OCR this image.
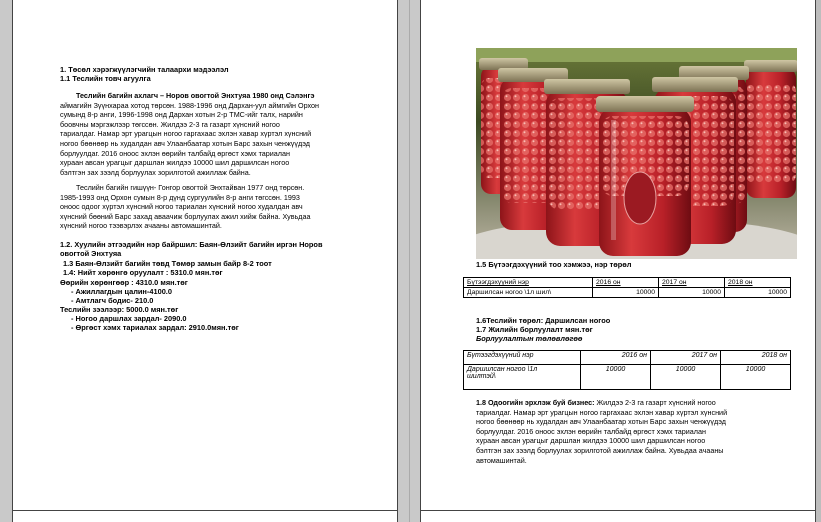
1. Төсөл хэрэгжүүлэгчийн талаархи мэдээлэл
1.1 Теслийн товч агуулга
Теслийн багийн ахлагч – Норов овогтой Энхтуяа 1980 онд Сэлэнгэ
аймагийн Зүүнхараа хотод төрсөн. 1988-1996 онд Дархан-уул аймгийн Орхон
сумынд 8-р анги, 1996-1998 онд Дархан хотын 2-р ТМС-ийг талх, нарийн
боовчны мэргэжлээр төгссөн. Жилдээ 2-3 га газарт хүнсний ногоо
тариалдаг. Намар эрт урагцын ногоо гаргахаас эхлэн хавар хүртэл хүнсний
ногоо бөөнөөр нь худалдан авч Улаанбаатар хотын Барс захын ченжүүдэд
борлуулдаг. 2016 оноос эхлэн өөрийн талбайд өргөст хэмх тариалан
хураан авсан урагцыг даршлан жилдээ 10000 шил даршилсан ногоо
бэлтгэн зах зээлд борлуулах зорилготой ажиллаж байна.
Теслийн багийн гишүүн- Гонгор овогтой Энхтайван 1977 онд төрсөн.
1985-1993 онд Орхон сумын 8-р дүнд сургуулийн 8-р анги төгссөн. 1993
оноос одоог хүртэл хүнсний ногоо тариалан хүнсний ногоо худалдан авч
хүнсний бөөний Барс захад аваачиж борлуулах ажил хийж байна. Хувьдаа
хүнсний ногоо тээвэрлэх ачааны автомашинтай.
1.2. Хуулийн этгээдийн нэр байршил: Баян-Өлзийт багийн иргэн Норов
овогтой Энхтуяа
1.3 Баян-Өлзийт багийн төвд Төмөр замын байр 8-2 тоот
1.4: Нийт хөрөнгө оруулалт : 5310.0 мян.төг
Өөрийн хөрөнгөөр : 4310.0 мян.төг
- Ажиллагдын цалин-4100.0
- Амтлагч бодис- 210.0
Теслийн зээлээр: 5000.0 мян.төг
- Ногоо даршлах зардал- 2090.0
- Өргөст хэмх тариалах зардал: 2910.0мян.төг
1.5 Бүтээгдэхүүний тоо хэмжээ, нэр төрөл
Бүтээгдэхүүний нэр	2016 он	2017 он	2018 он
Даршилсан ногоо \1л шил\	10000	10000	10000
1.6Теслийн төрөл: Даршилсан ногоо
1.7 Жилийн борлуулалт мян.төг
Борлуулалтын төлөвлөгөө
Бүтээгдэхүүний нэр	2016 он	2017 он	2018 он

Даршилсан ногоо \1л
шилтэй\	10000	10000	10000
1.8 Одоогийн эрхлэж буй бизнес: Жилдээ 2-3 га газарт хүнсний ногоо
тариалдаг. Намар эрт урагцын ногоо гаргахаас эхлэн хавар хүртэл хүнсний
ногоо бөөнөөр нь худалдан авч Улаанбаатар хотын Барс захын ченжүүдэд
борлуулдаг. 2016 оноос эхлэн өөрийн талбайд өргөст хэмх тариалан
хураан авсан урагцыг даршлан жилдээ 10000 шил даршилсан ногоо
бэлтгэн зах зээлд борлуулах зорилготой ажиллаж байна. Хувьдаа ачааны
автомашинтай.
